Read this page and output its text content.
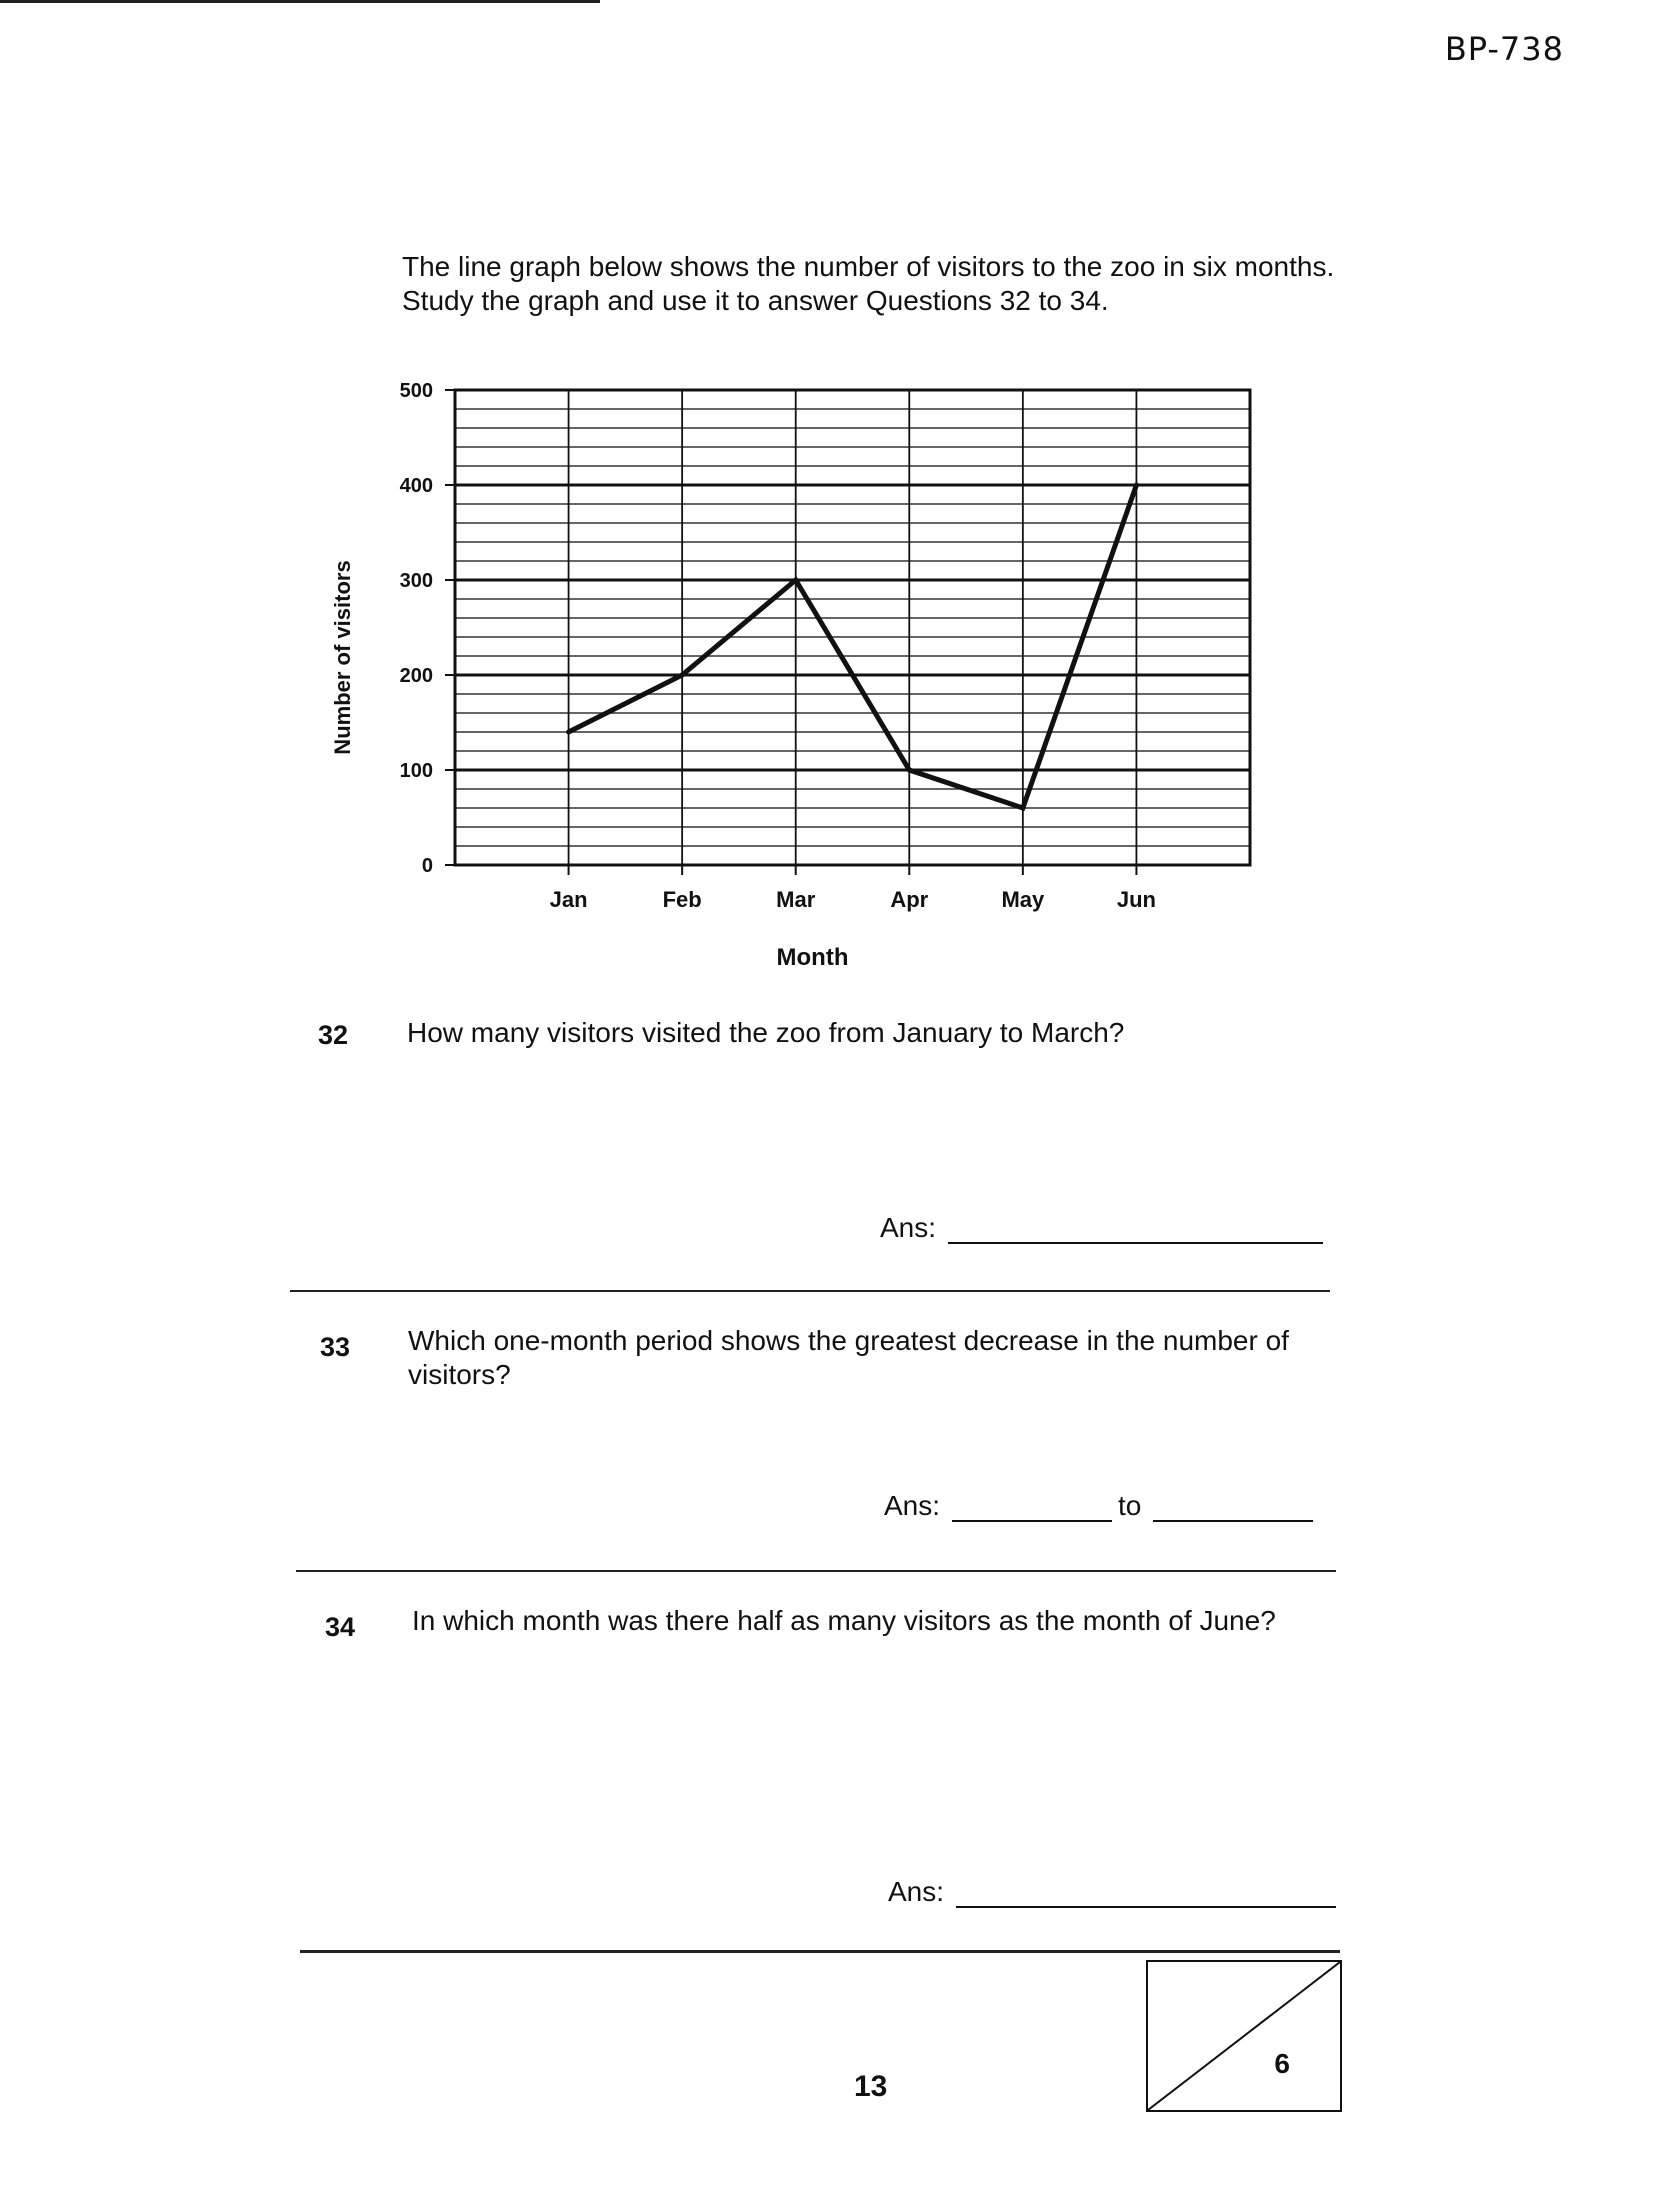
BP-738
The line graph below shows the number of visitors to the zoo in six months. Study the graph and use it to answer Questions 32 to 34.
0
100
200
300
400
500
Jan	Feb	Mar	Apr	May	Jun
Month
Number of visitors
32 How many visitors visited the zoo from January to March?
Ans:
33 Which one-month period shows the greatest decrease in the number of visitors?
Ans:	to
34 In which month was there half as many visitors as the month of June?
Ans:
13
6
